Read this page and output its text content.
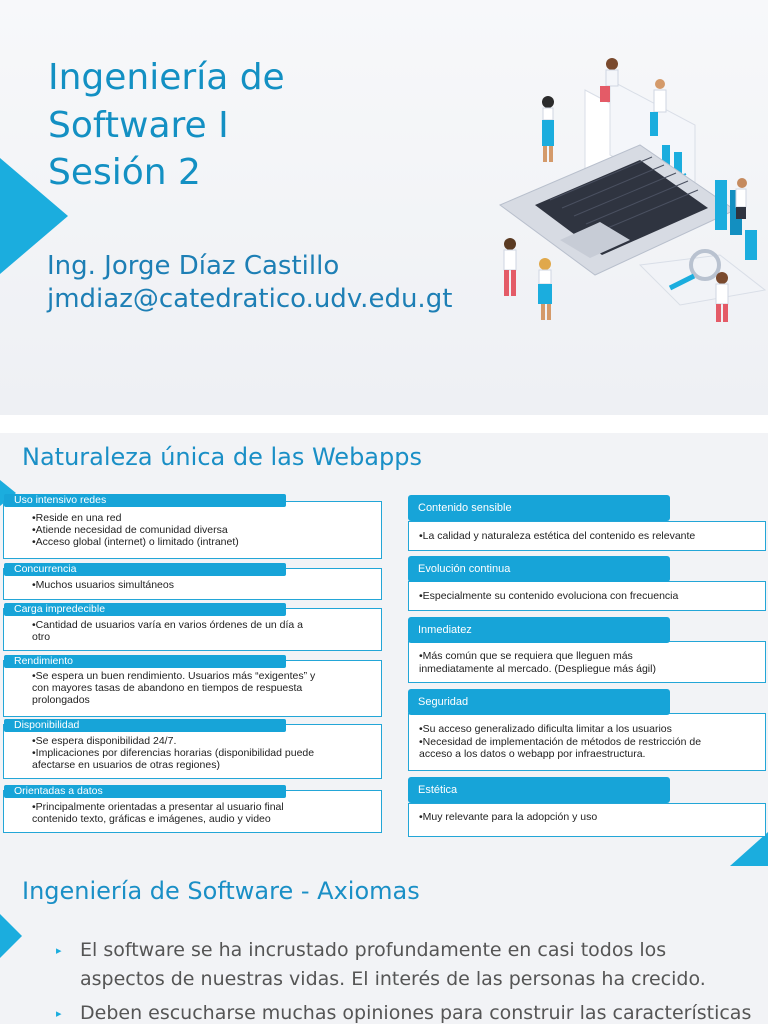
Ingeniería de
Software I
Sesión 2
Ing. Jorge Díaz Castillo
jmdiaz@catedratico.udv.edu.gt
Naturaleza única de las Webapps
Uso intensivo redes
•Reside en una red
•Atiende necesidad de comunidad diversa
•Acceso global (internet) o limitado (intranet)
Concurrencia
•Muchos usuarios simultáneos
Carga impredecible
•Cantidad de usuarios varía en varios órdenes de un día a
otro
Rendimiento
•Se espera un buen rendimiento. Usuarios más “exigentes” y
con mayores tasas de abandono en tiempos de respuesta
prolongados
Disponibilidad
•Se espera disponibilidad 24/7.
•Implicaciones por diferencias horarias (disponibilidad puede
afectarse en usuarios de otras regiones)
Orientadas a datos
•Principalmente orientadas a presentar al usuario final
contenido texto, gráficas e imágenes, audio y video
•La calidad y naturaleza estética del contenido es relevante
Contenido sensible
•Especialmente su contenido evoluciona con frecuencia
Evolución continua
•Más común que se requiera que lleguen más
inmediatamente al mercado. (Despliegue más ágil)
Inmediatez
•Su acceso generalizado dificulta limitar a los usuarios
•Necesidad de implementación de métodos de restricción de
acceso a los datos o webapp por infraestructura.
Seguridad
•Muy relevante para la adopción y uso
Estética
Ingeniería de Software - Axiomas
▸ El software se ha incrustado profundamente en casi todos los
aspectos de nuestras vidas. El interés de las personas ha crecido.
▸ Deben escucharse muchas opiniones para construir las características
